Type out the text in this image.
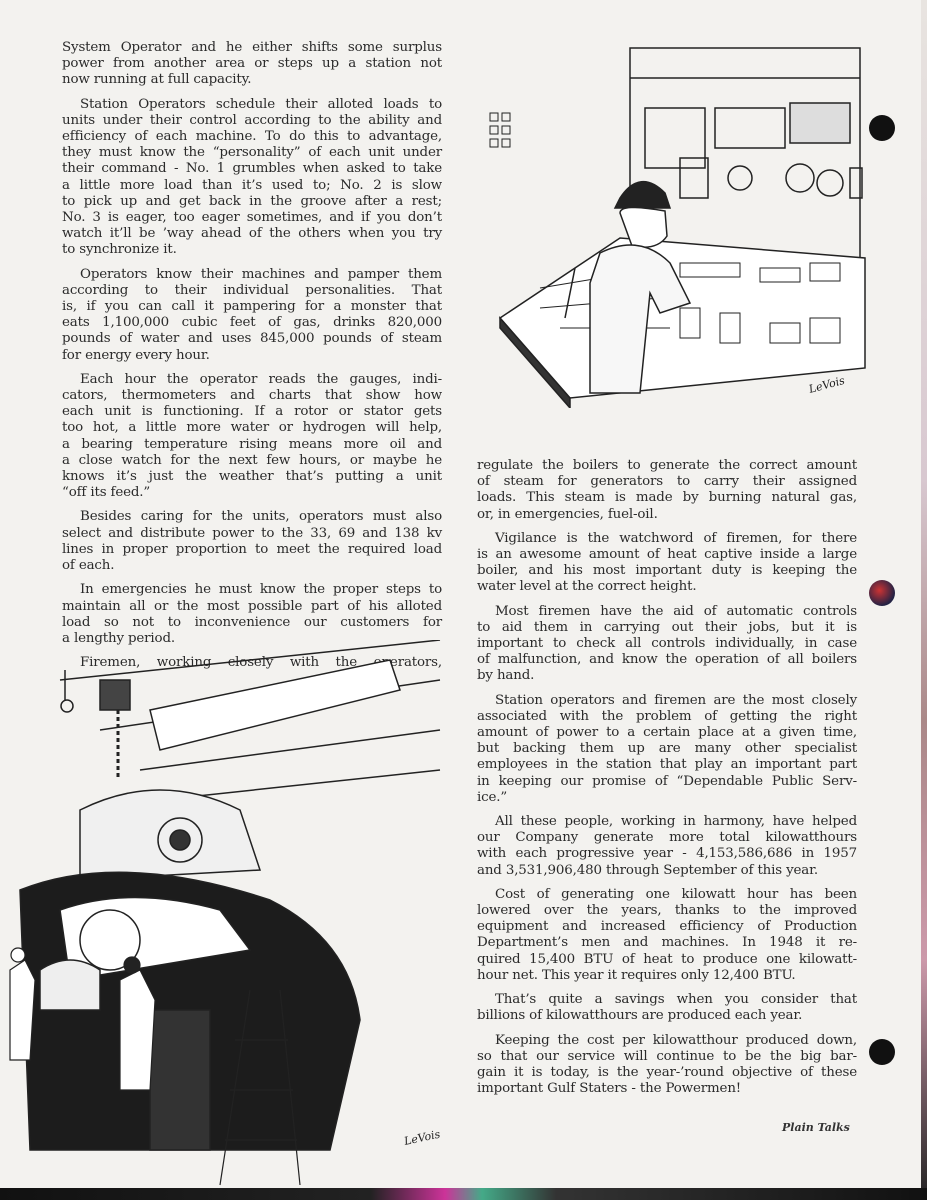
System Operator and he either shifts some surplus
power from another area or steps up a station not
now running at full capacity.
Station Operators schedule their alloted loads to
units under their control according to the ability and
efficiency of each machine. To do this to advantage,
they must know the “personality” of each unit under
their command - No. 1 grumbles when asked to take
a little more load than it’s used to; No. 2 is slow
to pick up and get back in the groove after a rest;
No. 3 is eager, too eager sometimes, and if you don’t
watch it’ll be ’way ahead of the others when you try
to synchronize it.
Operators know their machines and pamper them
according to their individual personalities. That
is, if you can call it pampering for a monster that
eats 1,100,000 cubic feet of gas, drinks 820,000
pounds of water and uses 845,000 pounds of steam
for energy every hour.
Each hour the operator reads the gauges, indi-
cators, thermometers and charts that show how
each unit is functioning. If a rotor or stator gets
too hot, a little more water or hydrogen will help,
a bearing temperature rising means more oil and
a close watch for the next few hours, or maybe he
knows it’s just the weather that’s putting a unit
“off its feed.”
Besides caring for the units, operators must also
select and distribute power to the 33, 69 and 138 kv
lines in proper proportion to meet the required load
of each.
In emergencies he must know the proper steps to
maintain all or the most possible part of his alloted
load so not to inconvenience our customers for
a lengthy period.
Firemen, working closely with the operators,
regulate the boilers to generate the correct amount
of steam for generators to carry their assigned
loads. This steam is made by burning natural gas,
or, in emergencies, fuel-oil.
Vigilance is the watchword of firemen, for there
is an awesome amount of heat captive inside a large
boiler, and his most important duty is keeping the
water level at the correct height.
Most firemen have the aid of automatic controls
to aid them in carrying out their jobs, but it is
important to check all controls individually, in case
of malfunction, and know the operation of all boilers
by hand.
Station operators and firemen are the most closely
associated with the problem of getting the right
amount of power to a certain place at a given time,
but backing them up are many other specialist
employees in the station that play an important part
in keeping our promise of “Dependable Public Serv-
ice.”
All these people, working in harmony, have helped
our Company generate more total kilowatthours
with each progressive year - 4,153,586,686 in 1957
and 3,531,906,480 through September of this year.
Cost of generating one kilowatt hour has been
lowered over the years, thanks to the improved
equipment and increased efficiency of Production
Department’s men and machines. In 1948 it re-
quired 15,400 BTU of heat to produce one kilowatt-
hour net. This year it requires only 12,400 BTU.
That’s quite a savings when you consider that
billions of kilowatthours are produced each year.
Keeping the cost per kilowatthour produced down,
so that our service will continue to be the big bar-
gain it is today, is the year-’round objective of these
important Gulf Staters - the Powermen!
LeVois
LeVois
Plain Talks
